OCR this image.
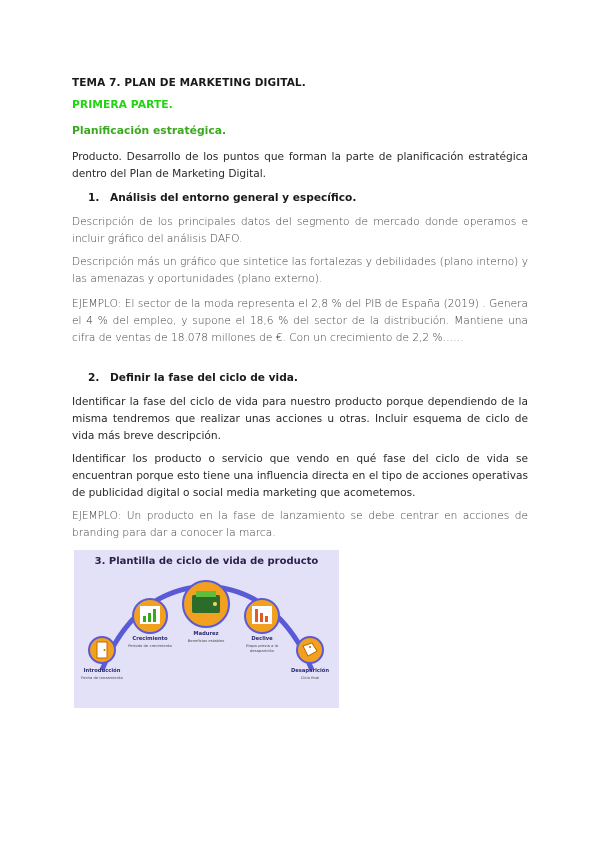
TEMA 7. PLAN DE MARKETING DIGITAL.
PRIMERA PARTE.
Planificación estratégica.

Producto. Desarrollo de los puntos que forman la parte de planificación estratégica dentro del Plan de Marketing Digital.

1. Análisis del entorno general y específico.

Descripción de los principales datos del segmento de mercado donde operamos e incluir gráfico del análisis DAFO.

Descripción más un gráfico que sintetice las fortalezas y debilidades (plano interno) y las amenazas y oportunidades (plano externo).

EJEMPLO: El sector de la moda representa el 2,8 % del PIB de España (2019) . Genera el 4 % del empleo, y supone el 18,6 % del sector de la distribución. Mantiene una cifra de ventas de 18.078 millones de €. Con un crecimiento de 2,2 %……

2. Definir la fase del ciclo de vida.

Identificar la fase del ciclo de vida para nuestro producto porque dependiendo de la misma tendremos que realizar unas acciones u otras. Incluir esquema de ciclo de vida más breve descripción.

Identificar los producto o servicio que vendo en qué fase del ciclo de vida se encuentran porque esto tiene una influencia directa en el tipo de acciones operativas de publicidad digital o social media marketing que acometemos.

EJEMPLO: Un producto en la fase de lanzamiento se debe centrar en acciones de branding para dar a conocer la marca.

3. Plantilla de ciclo de vida de producto
Introducción
Fecha de lanzamiento
Crecimiento
Periodo de crecimiento
Madurez
Beneficios estables	Declive
Etapa previa a la desaparición
Desaparición
Ciclo final
